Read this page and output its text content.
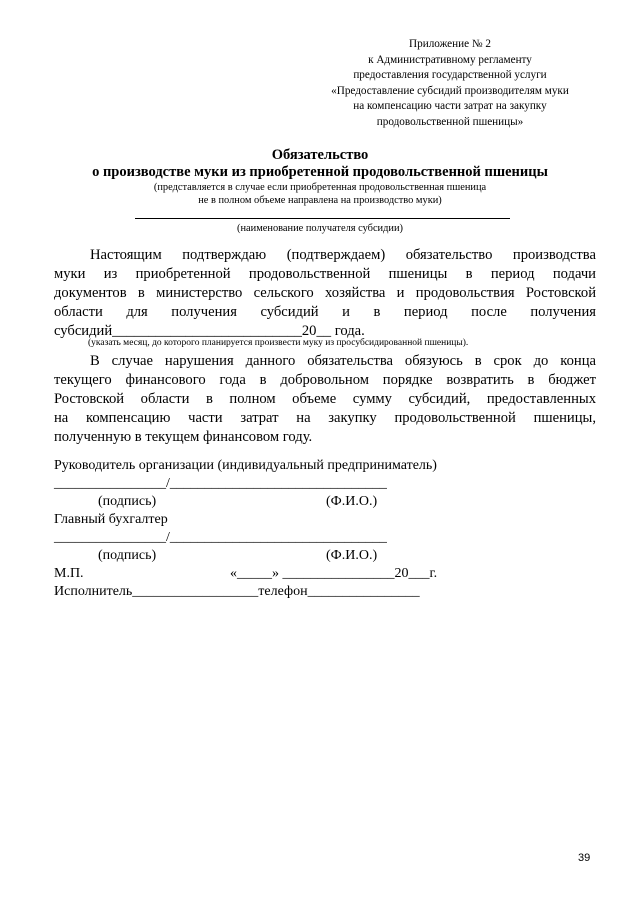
Приложение № 2
к Административному регламенту
предоставления государственной услуги
«Предоставление субсидий производителям муки
на компенсацию части затрат на закупку
продовольственной пшеницы»
Обязательство
о производстве муки из приобретенной продовольственной пшеницы
(представляется в случае если приобретенная продовольственная пшеница
не в полном объеме направлена на производство муки)
(наименование получателя субсидии)
Настоящим подтверждаю (подтверждаем) обязательство производства
муки из приобретенной продовольственной пшеницы в период подачи
документов в министерство сельского хозяйства и продовольствия Ростовской
области для получения субсидий и в период после получения
субсидий__________________________20__ года.
(указать месяц, до которого планируется произвести муку из просубсидированной пшеницы).
В случае нарушения данного обязательства обязуюсь в срок до конца
текущего финансового года в добровольном порядке возвратить в бюджет
Ростовской области в полном объеме сумму субсидий, предоставленных
на компенсацию части затрат на закупку продовольственной пшеницы,
полученную в текущем финансовом году.
Руководитель организации (индивидуальный предприниматель)
________________/_______________________________
(подпись)	(Ф.И.О.)
Главный бухгалтер
________________/_______________________________
(подпись)	(Ф.И.О.)
М.П.	«_____» ________________20___г.
Исполнитель__________________телефон________________
39
